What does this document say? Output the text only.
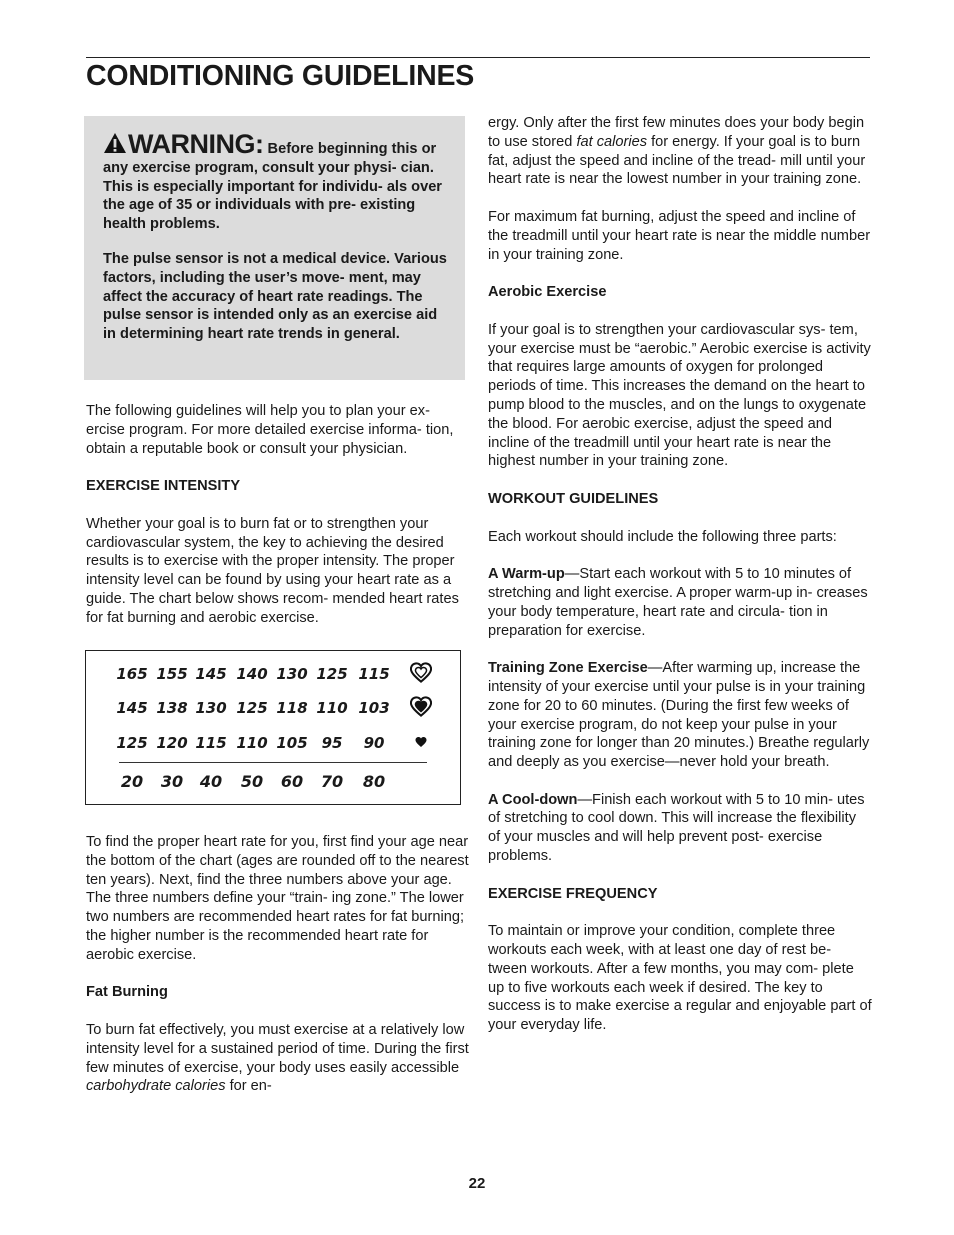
CONDITIONING GUIDELINES

WARNING: Before beginning this or any exercise program, consult your physi- cian. This is especially important for individu- als over the age of 35 or individuals with pre- existing health problems.

The pulse sensor is not a medical device. Various factors, including the user’s move- ment, may affect the accuracy of heart rate readings. The pulse sensor is intended only as an exercise aid in determining heart rate trends in general.

The following guidelines will help you to plan your ex- ercise program. For more detailed exercise informa- tion, obtain a reputable book or consult your physician.

EXERCISE INTENSITY

Whether your goal is to burn fat or to strengthen your cardiovascular system, the key to achieving the desired results is to exercise with the proper intensity. The proper intensity level can be found by using your heart rate as a guide. The chart below shows recom- mended heart rates for fat burning and aerobic exercise.

To find the proper heart rate for you, first find your age near the bottom of the chart (ages are rounded off to the nearest ten years). Next, find the three numbers above your age. The three numbers define your “train- ing zone.” The lower two numbers are recommended heart rates for fat burning; the higher number is the recommended heart rate for aerobic exercise.

Fat Burning

To burn fat effectively, you must exercise at a relatively low intensity level for a sustained period of time. During the first few minutes of exercise, your body uses easily accessible carbohydrate calories for en-

165 155 145 140 130 125 115
145 138 130 125 118 110 103
125 120 115 110 105 95 90
20 30 40 50 60 70 80

ergy. Only after the first few minutes does your body begin to use stored fat calories for energy. If your goal is to burn fat, adjust the speed and incline of the tread- mill until your heart rate is near the lowest number in your training zone.

For maximum fat burning, adjust the speed and incline of the treadmill until your heart rate is near the middle number in your training zone.

Aerobic Exercise

If your goal is to strengthen your cardiovascular sys- tem, your exercise must be “aerobic.” Aerobic exercise is activity that requires large amounts of oxygen for prolonged periods of time. This increases the demand on the heart to pump blood to the muscles, and on the lungs to oxygenate the blood. For aerobic exercise, adjust the speed and incline of the treadmill until your heart rate is near the highest number in your training zone.

WORKOUT GUIDELINES

Each workout should include the following three parts:

A Warm-up—Start each workout with 5 to 10 minutes of stretching and light exercise. A proper warm-up in- creases your body temperature, heart rate and circula- tion in preparation for exercise.

Training Zone Exercise—After warming up, increase the intensity of your exercise until your pulse is in your training zone for 20 to 60 minutes. (During the first few weeks of your exercise program, do not keep your pulse in your training zone for longer than 20 minutes.) Breathe regularly and deeply as you exercise—never hold your breath.

A Cool-down—Finish each workout with 5 to 10 min- utes of stretching to cool down. This will increase the flexibility of your muscles and will help prevent post- exercise problems.

EXERCISE FREQUENCY

To maintain or improve your condition, complete three workouts each week, with at least one day of rest be- tween workouts. After a few months, you may com- plete up to five workouts each week if desired. The key to success is to make exercise a regular and enjoyable part of your everyday life.

22
